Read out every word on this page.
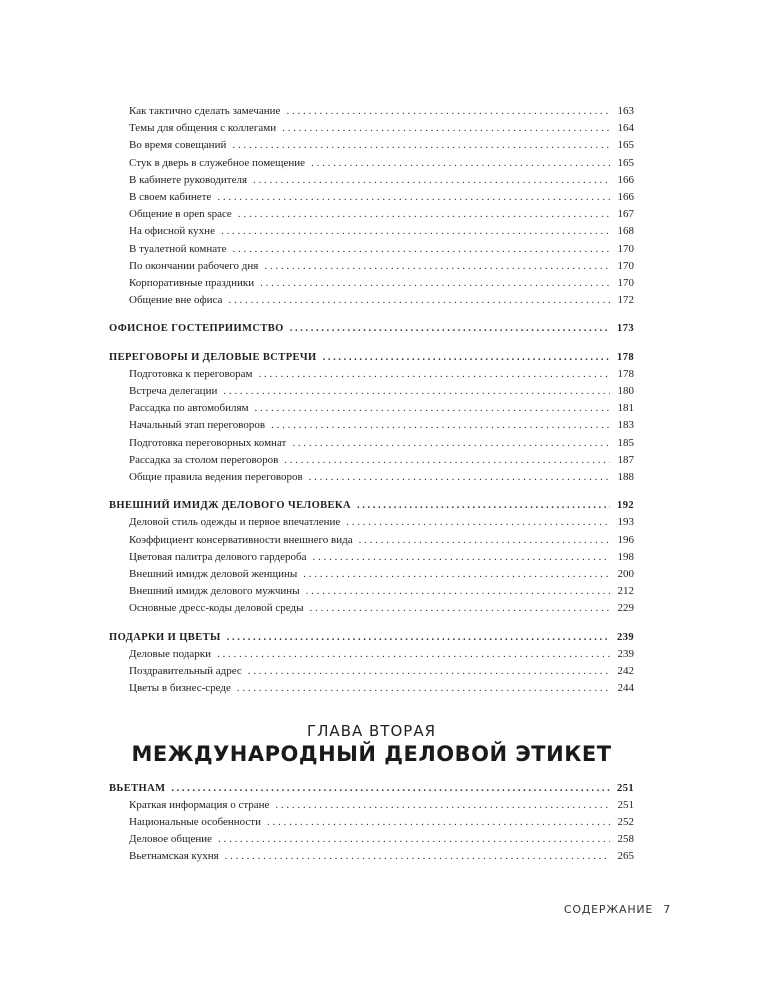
Как тактично сделать замечание . . .	163
Темы для общения с коллегами . . .	164
Во время совещаний . . .	165
Стук в дверь в служебное помещение . . .	165
В кабинете руководителя . . .	166
В своем кабинете . . .	166
Общение в open space . . .	167
На офисной кухне . . .	168
В туалетной комнате . . .	170
По окончании рабочего дня . . .	170
Корпоративные праздники . . .	170
Общение вне офиса . . .	172
ОФИСНОЕ ГОСТЕПРИИМСТВО . . .	173
ПЕРЕГОВОРЫ И ДЕЛОВЫЕ ВСТРЕЧИ . . .	178
Подготовка к переговорам . . .	178
Встреча делегации . . .	180
Рассадка по автомобилям . . .	181
Начальный этап переговоров . . .	183
Подготовка переговорных комнат . . .	185
Рассадка за столом переговоров . . .	187
Общие правила ведения переговоров . . .	188
ВНЕШНИЙ ИМИДЖ ДЕЛОВОГО ЧЕЛОВЕКА . . .	192
Деловой стиль одежды и первое впечатление . . .	193
Коэффициент консервативности внешнего вида . . .	196
Цветовая палитра делового гардероба . . .	198
Внешний имидж деловой женщины . . .	200
Внешний имидж делового мужчины . . .	212
Основные дресс-коды деловой среды . . .	229
ПОДАРКИ И ЦВЕТЫ . . .	239
Деловые подарки . . .	239
Поздравительный адрес . . .	242
Цветы в бизнес-среде . . .	244
ГЛАВА ВТОРАЯ
МЕЖДУНАРОДНЫЙ ДЕЛОВОЙ ЭТИКЕТ
ВЬЕТНАМ . . .	251
Краткая информация о стране . . .	251
Национальные особенности . . .	252
Деловое общение . . .	258
Вьетнамская кухня . . .	265
СОДЕРЖАНИЕ 7
